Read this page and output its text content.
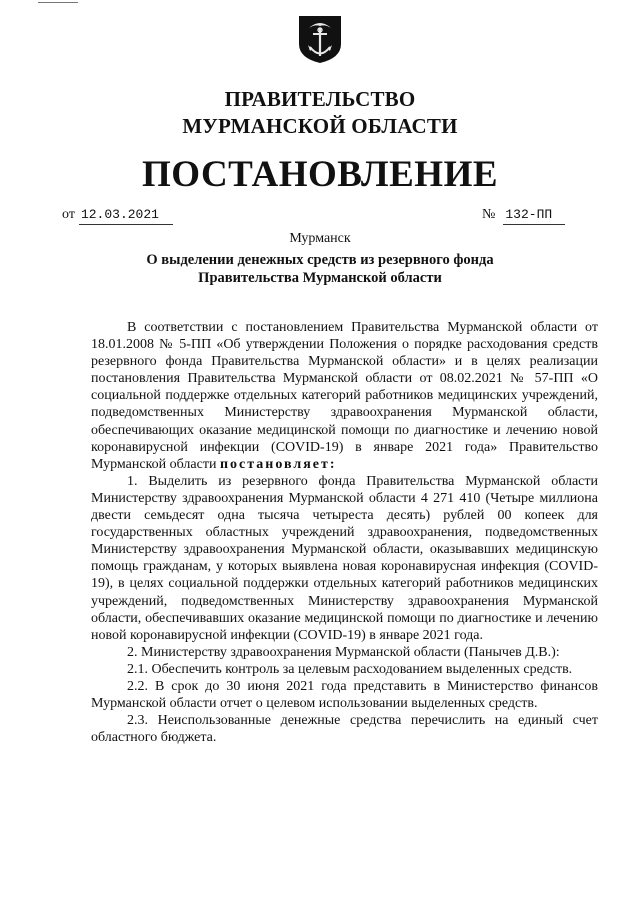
ПРАВИТЕЛЬСТВО
МУРМАНСКОЙ ОБЛАСТИ
ПОСТАНОВЛЕНИЕ
от 12.03.2021	№ 132-ПП
Мурманск
О выделении денежных средств из резервного фонда
Правительства Мурманской области

В соответствии с постановлением Правительства Мурманской области от 18.01.2008 № 5-ПП «Об утверждении Положения о порядке расходования средств резервного фонда Правительства Мурманской области» и в целях реализации постановления Правительства Мурманской области от 08.02.2021 № 57-ПП «О социальной поддержке отдельных категорий работников медицинских учреждений, подведомственных Министерству здравоохранения Мурманской области, обеспечивающих оказание медицинской помощи по диагностике и лечению новой коронавирусной инфекции (COVID-19) в январе 2021 года» Правительство Мурманской области постановляет:

1. Выделить из резервного фонда Правительства Мурманской области Министерству здравоохранения Мурманской области 4 271 410 (Четыре миллиона двести семьдесят одна тысяча четыреста десять) рублей 00 копеек для государственных областных учреждений здравоохранения, подведомственных Министерству здравоохранения Мурманской области, оказывавших медицинскую помощь гражданам, у которых выявлена новая коронавирусная инфекция (COVID-19), в целях социальной поддержки отдельных категорий работников медицинских учреждений, подведомственных Министерству здравоохранения Мурманской области, обеспечивавших оказание медицинской помощи по диагностике и лечению новой коронавирусной инфекции (COVID-19) в январе 2021 года.

2. Министерству здравоохранения Мурманской области (Панычев Д.В.):

2.1. Обеспечить контроль за целевым расходованием выделенных средств.

2.2. В срок до 30 июня 2021 года представить в Министерство финансов Мурманской области отчет о целевом использовании выделенных средств.

2.3. Неиспользованные денежные средства перечислить на единый счет областного бюджета.
